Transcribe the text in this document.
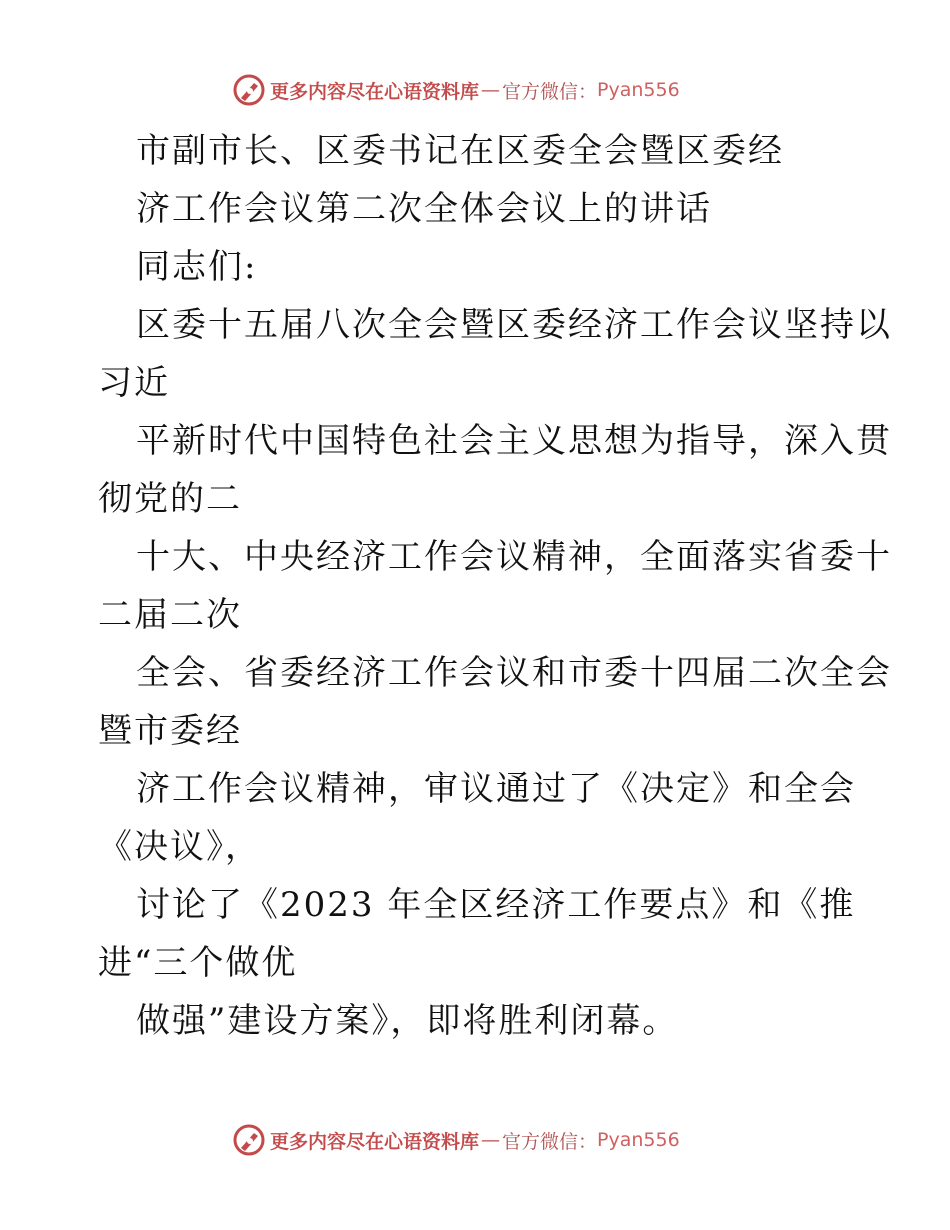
更多内容尽在心语资料库 — 官方微信： Pyan556
市副市长、区委书记在区委全会暨区委经
济工作会议第二次全体会议上的讲话
同志们:
区委十五届八次全会暨区委经济工作会议坚持以
习近
平新时代中国特色社会主义思想为指导，深入贯
彻党的二
十大、中央经济工作会议精神，全面落实省委十
二届二次
全会、省委经济工作会议和市委十四届二次全会
暨市委经
济工作会议精神，审议通过了《决定》和全会
《决议》，
讨论了《2023 年全区经济工作要点》和《推
进“三个做优
做强”建设方案》，即将胜利闭幕。
更多内容尽在心语资料库 — 官方微信： Pyan556
